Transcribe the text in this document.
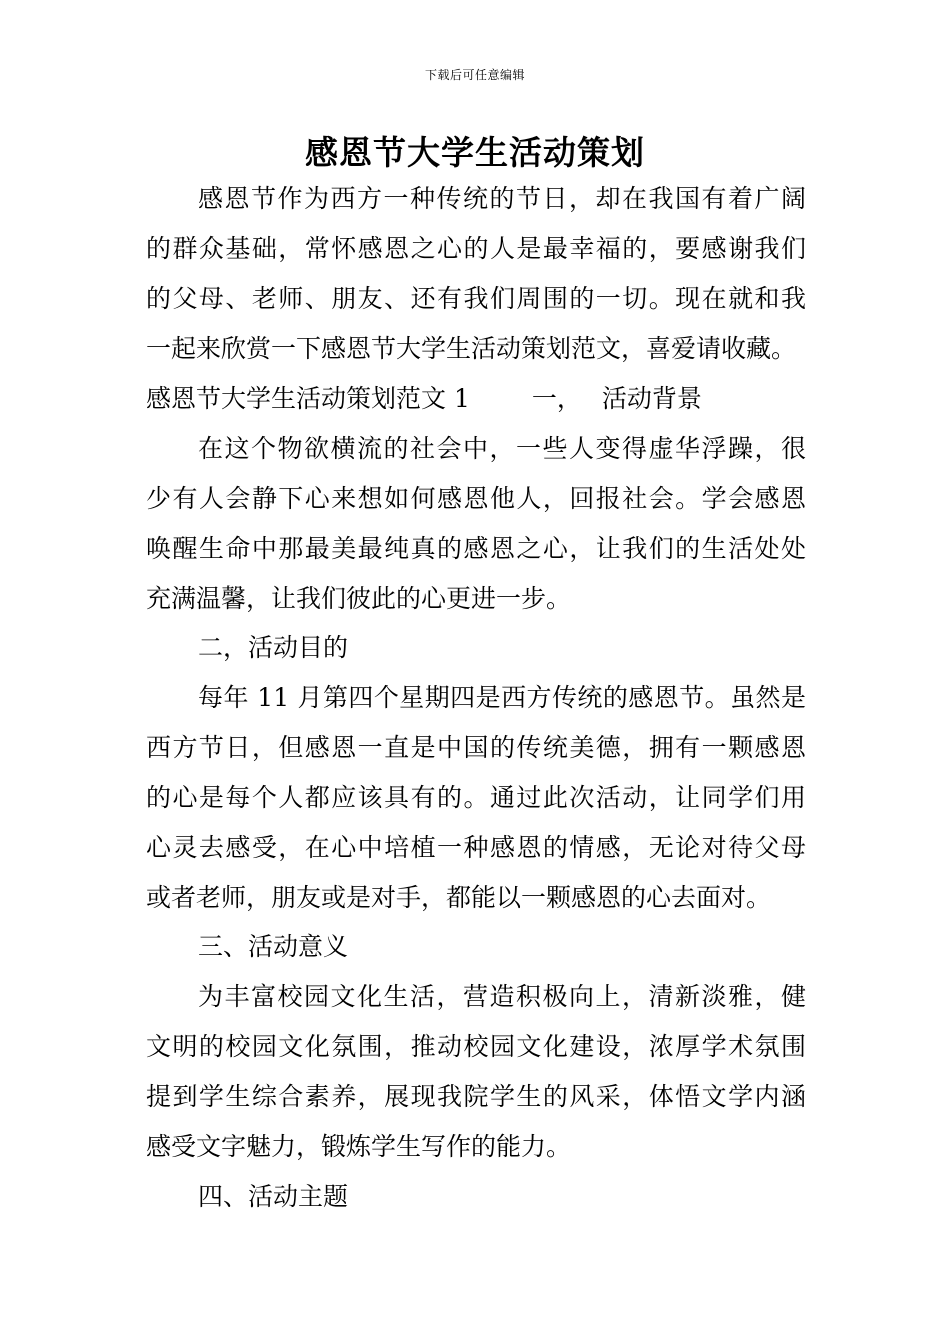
下载后可任意编辑
感恩节大学生活动策划
感恩节作为西方一种传统的节日，却在我国有着广阔
的群众基础，常怀感恩之心的人是最幸福的，要感谢我们
的父母、老师、朋友、还有我们周围的一切。现在就和我
一起来欣赏一下感恩节大学生活动策划范文，喜爱请收藏。
感恩节大学生活动策划范文 1 一， 活动背景
在这个物欲横流的社会中，一些人变得虚华浮躁，很
少有人会静下心来想如何感恩他人，回报社会。学会感恩
唤醒生命中那最美最纯真的感恩之心，让我们的生活处处
充满温馨，让我们彼此的心更进一步。
二，活动目的
每年 11 月第四个星期四是西方传统的感恩节。虽然是
西方节日，但感恩一直是中国的传统美德，拥有一颗感恩
的心是每个人都应该具有的。通过此次活动，让同学们用
心灵去感受，在心中培植一种感恩的情感，无论对待父母
或者老师，朋友或是对手，都能以一颗感恩的心去面对。
三、活动意义
为丰富校园文化生活，营造积极向上，清新淡雅，健
文明的校园文化氛围，推动校园文化建设，浓厚学术氛围
提到学生综合素养，展现我院学生的风采，体悟文学内涵
感受文字魅力，锻炼学生写作的能力。
四、活动主题
